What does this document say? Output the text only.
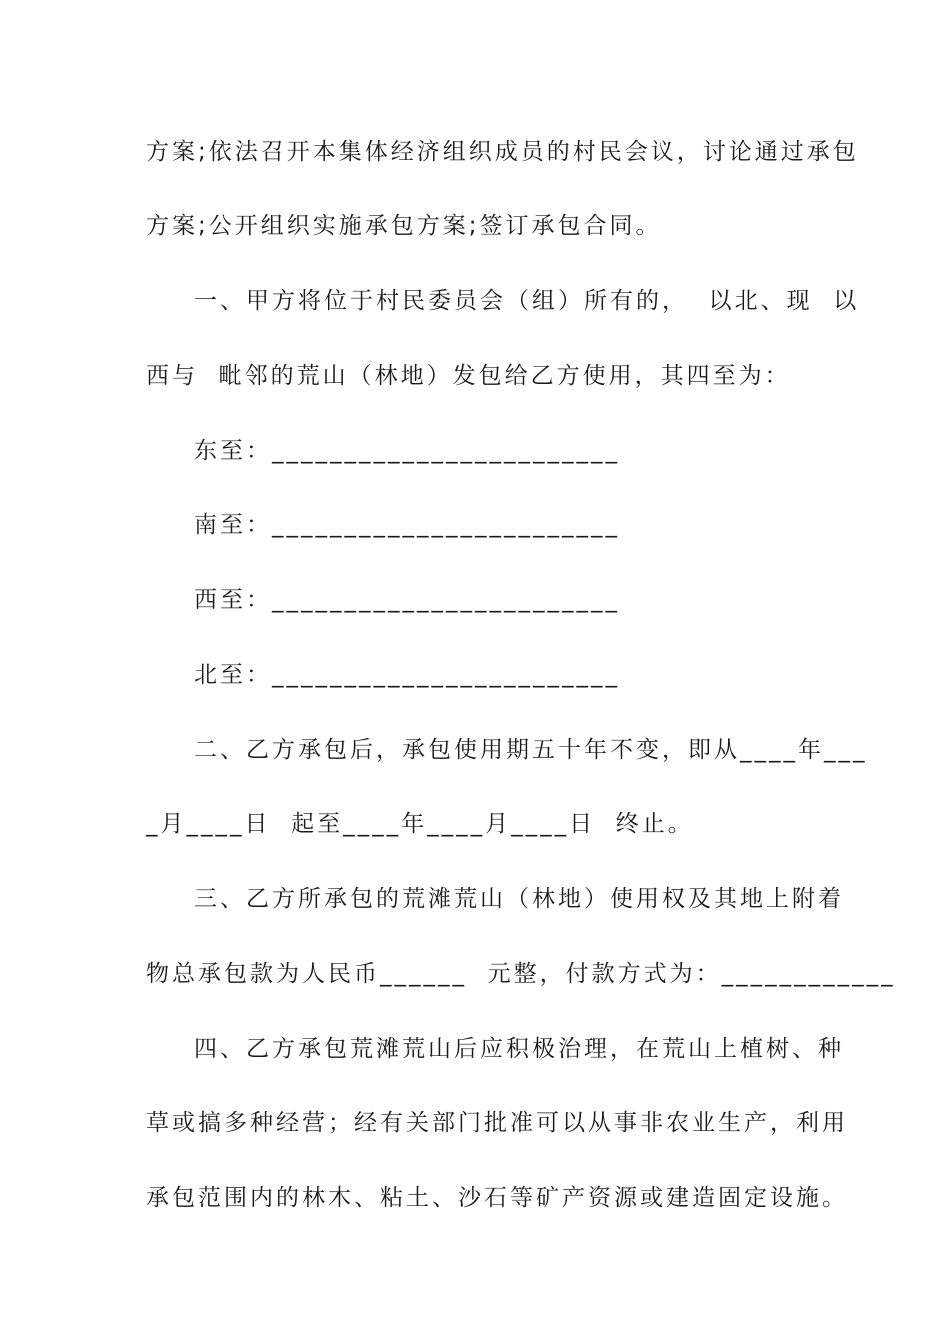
方案;依法召开本集体经济组织成员的村民会议，讨论通过承包
方案;公开组织实施承包方案;签订承包合同。
一、甲方将位于村民委员会（组）所有的，  以北、现  以
西与  毗邻的荒山（林地）发包给乙方使用，其四至为：
东至：________________________
南至：________________________
西至：________________________
北至：________________________
二、乙方承包后，承包使用期五十年不变，即从____年___
_月____日  起至____年____月____日  终止。
三、乙方所承包的荒滩荒山（林地）使用权及其地上附着
物总承包款为人民币______  元整，付款方式为：____________
四、乙方承包荒滩荒山后应积极治理，在荒山上植树、种
草或搞多种经营；经有关部门批准可以从事非农业生产，利用
承包范围内的林木、粘土、沙石等矿产资源或建造固定设施。
